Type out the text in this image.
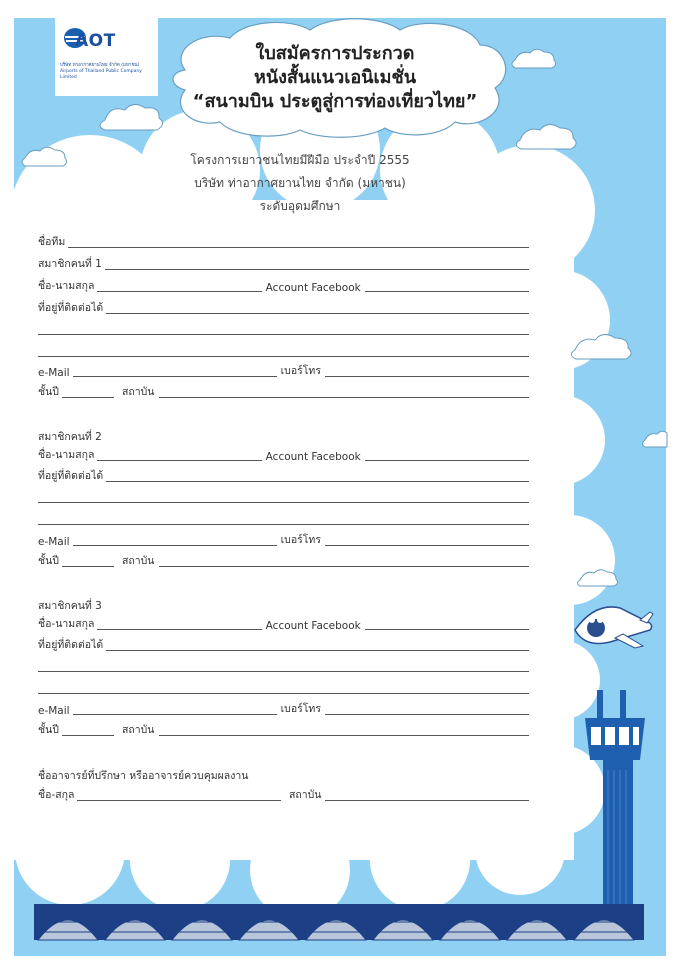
AOT
บริษัท ท่าอากาศยานไทย จำกัด (มหาชน) Airports of Thailand Public Company Limited
ใบสมัครการประกวด
หนังสั้นแนวเอนิเมชั่น
“สนามบิน ประตูสู่การท่องเที่ยวไทย”
โครงการเยาวชนไทยมีฝีมือ ประจำปี 2555
บริษัท ท่าอากาศยานไทย จำกัด (มหาชน)
ระดับอุดมศึกษา
ชื่อทีม
สมาชิกคนที่ 1
ชื่อ-นามสกุล	Account Facebook
ที่อยู่ที่ติดต่อได้
e-Mail	เบอร์โทร
ชั้นปี	สถาบัน
สมาชิกคนที่ 2
ชื่อ-นามสกุล	Account Facebook
ที่อยู่ที่ติดต่อได้
e-Mail	เบอร์โทร
ชั้นปี	สถาบัน
สมาชิกคนที่ 3
ชื่อ-นามสกุล	Account Facebook
ที่อยู่ที่ติดต่อได้
e-Mail	เบอร์โทร
ชั้นปี	สถาบัน
ชื่ออาจารย์ที่ปรึกษา หรืออาจารย์ควบคุมผลงาน
ชื่อ-สกุล	สถาบัน
